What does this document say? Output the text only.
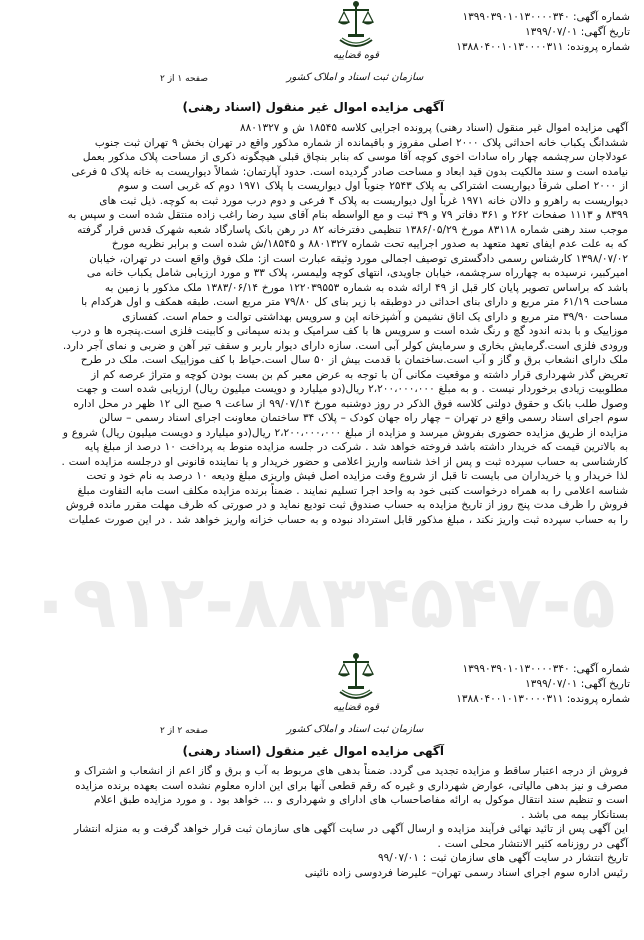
شماره آگهی: ۱۳۹۹۰۳۹۰۱۰۱۳۰۰۰۰۳۴۰
تاریخ آگهی: ۱۳۹۹/۰۷/۰۱
شماره پرونده: ۱۳۸۸۰۴۰۰۱۰۱۳۰۰۰۰۳۱۱
قوه قضاییه
سازمان ثبت اسناد و املاک کشور
صفحه ۱ از ۲
آگهی مزایده اموال غیر منقول (اسناد رهنی)

آگهی مزایده اموال غیر منقول (اسناد رهنی) پرونده اجرایی کلاسه ۱۸۵۴۵ ش و ۸۸۰۱۳۲۷

ششدانگ یکباب خانه احداثی پلاک ۲۰۰۰ اصلی مفروز و باقیمانده از شماره مذکور واقع در تهران بخش ۹ تهران ثبت جنوب

عودلاجان سرچشمه چهار راه سادات اخوی کوچه آقا موسی که بنابر بنچاق قبلی هیچگونه ذکری از مساحت پلاک مذکور بعمل

نیامده است و سند مالکیت بدون قید ابعاد و مساحت صادر گردیده است. حدود آپارتمان: شمالاً دیواریست به خانه پلاک ۵ فرعی

از ۲۰۰۰ اصلی شرقاً دیواریست اشتراکی به پلاک ۲۵۴۳ جنوباً اول دیواریست با پلاک ۱۹۷۱ دوم که غربی است و سوم

دیواریست به راهرو و دالان خانه ۱۹۷۱ غرباً اول دیواریست به پلاک ۴ فرعی و دوم درب مورد ثبت به کوچه. ذیل ثبت های

۸۳۹۹ و ۱۱۱۳ صفحات ۲۶۲ و ۳۶۱ دفاتر ۷۹ و ۳۹ ثبت و مع الواسطه بنام آقای سید رضا راغب زاده منتقل شده است و سپس به

موجب سند رهنی شماره ۸۳۱۱۸ مورخ ۱۳۸۶/۰۵/۲۹ تنظیمی دفترخانه ۸۲ در رهن بانک پاسارگاد شعبه شهرک قدس قرار گرفته

که به علت عدم ایفای تعهد متعهد به صدور اجراییه تحت شماره ۸۸۰۱۳۲۷ و ۱۸۵۴۵/ش شده است و برابر نظریه مورخ

۱۳۹۸/۰۷/۰۲ کارشناس رسمی دادگستری توصیف اجمالی مورد وثیقه عبارت است از: ملک فوق واقع است در تهران، خیابان

امیرکبیر، نرسیده به چهارراه سرچشمه، خیابان جاویدی، انتهای کوچه ولیمسر، پلاک ۳۳ و مورد ارزیابی شامل یکباب خانه می

باشد که براساس تصویر پایان کار قبل از ۴۹ ارائه شده به شماره ۱۲۲۰۳۹۵۵۳ مورخ ۱۳۸۳/۰۶/۱۴ ملک مذکور با زمین به

مساحت ۶۱/۱۹ متر مربع و دارای بنای احداثی در دوطبقه با زیر بنای کل ۷۹/۸۰ متر مربع است. طبقه همکف و اول هرکدام با

مساحت ۳۹/۹۰ متر مربع و دارای یک اتاق نشیمن و آشپزخانه اپن و سرویس بهداشتی توالت و حمام است. کفسازی

موزاییک و با بدنه اندود گچ و رنگ شده است و سرویس ها با کف سرامیک و بدنه سیمانی و کابینت فلزی است.پنجره ها و درب

ورودی فلزی است.گرمایش بخاری و سرمایش کولر آبی است. سازه دارای دیوار باربر و سقف تیر آهن و ضربی و نمای آجر دارد.

ملک دارای انشعاب برق و گاز و آب است.ساختمان با قدمت بیش از ۵۰ سال است.حیاط با کف موزاییک است. ملک در طرح

تعریض گذر شهرداری قرار داشته و موقعیت مکانی آن با توجه به عرض معبر کم بن بست بودن کوچه و متراژ عرصه کم از

مطلوبیت زیادی برخوردار نیست . و به مبلغ ۲،۲۰۰،۰۰۰،۰۰۰ ریال(دو میلیارد و دویست میلیون ریال) ارزیابی شده است و جهت

وصول طلب بانک و حقوق دولتی کلاسه فوق الذکر در روز دوشنبه مورخ ۹۹/۰۷/۱۴ از ساعت ۹ صبح الی ۱۲ ظهر در محل اداره

سوم اجرای اسناد رسمی واقع در تهران – چهار راه جهان کودک – پلاک ۳۴ ساختمان معاونت اجرای اسناد رسمی – سالن

مزایده از طریق مزایده حضوری بفروش میرسد و مزایده از مبلغ ۲،۲۰۰،۰۰۰،۰۰۰ ریال(دو میلیارد و دویست میلیون ریال) شروع و

به بالاترین قیمت که خریدار داشته باشد فروخته خواهد شد . شرکت در جلسه مزایده منوط به پرداخت ۱۰ درصد از مبلغ پایه

کارشناسی به حساب سپرده ثبت و پس از اخذ شناسه واریز اعلامی و حضور خریدار و یا نماینده قانونی او درجلسه مزایده است .

لذا خریدار و یا خریداران می بایست تا قبل از شروع وقت مزایده اصل فیش واریزی مبلغ ودیعه ۱۰ درصد به نام خود و تحت

شناسه اعلامی را به همراه درخواست کتبی خود به واحد اجرا تسلیم نمایند . ضمناً برنده مزایده مکلف است مابه التفاوت مبلغ

فروش را ظرف مدت پنج روز از تاریخ مزایده به حساب صندوق ثبت تودیع نماید و در صورتی که ظرف مهلت مقرر مانده فروش

را به حساب سپرده ثبت واریز نکند ، مبلغ مذکور قابل استرداد نبوده و به حساب خزانه واریز خواهد شد . در این صورت عملیات

۰۹۱۲-۸۸۳۴۵۴۷-۵
شماره آگهی: ۱۳۹۹۰۳۹۰۱۰۱۳۰۰۰۰۳۴۰
تاریخ آگهی: ۱۳۹۹/۰۷/۰۱
شماره پرونده: ۱۳۸۸۰۴۰۰۱۰۱۳۰۰۰۰۳۱۱
قوه قضاییه
سازمان ثبت اسناد و املاک کشور
صفحه ۲ از ۲
آگهی مزایده اموال غیر منقول (اسناد رهنی)

فروش از درجه اعتبار ساقط و مزایده تجدید می گردد. ضمناً بدهی های مربوط به آب و برق و گاز اعم از انشعاب و اشتراک و

مصرف و نیز بدهی مالیاتی، عوارض شهرداری و غیره که رقم قطعی آنها برای این اداره معلوم نشده است بعهده برنده مزایده

است و تنظیم سند انتقال موکول به ارائه مفاصاحساب های ادارای و شهرداری و ... خواهد بود . و مورد مزایده طبق اعلام

بستانکار بیمه می باشد .

این آگهی پس از تائید نهائی فرآیند مزایده و ارسال آگهی در سایت آگهی های سازمان ثبت قرار خواهد گرفت و به منزله انتشار

آگهی در روزنامه کثیر الانتشار محلی است .

تاریخ انتشار در سایت آگهی های سازمان ثبت : ۹۹/۰۷/۰۱

رئیس اداره سوم اجرای اسناد رسمی تهران– علیرضا فردوسی زاده نائینی
